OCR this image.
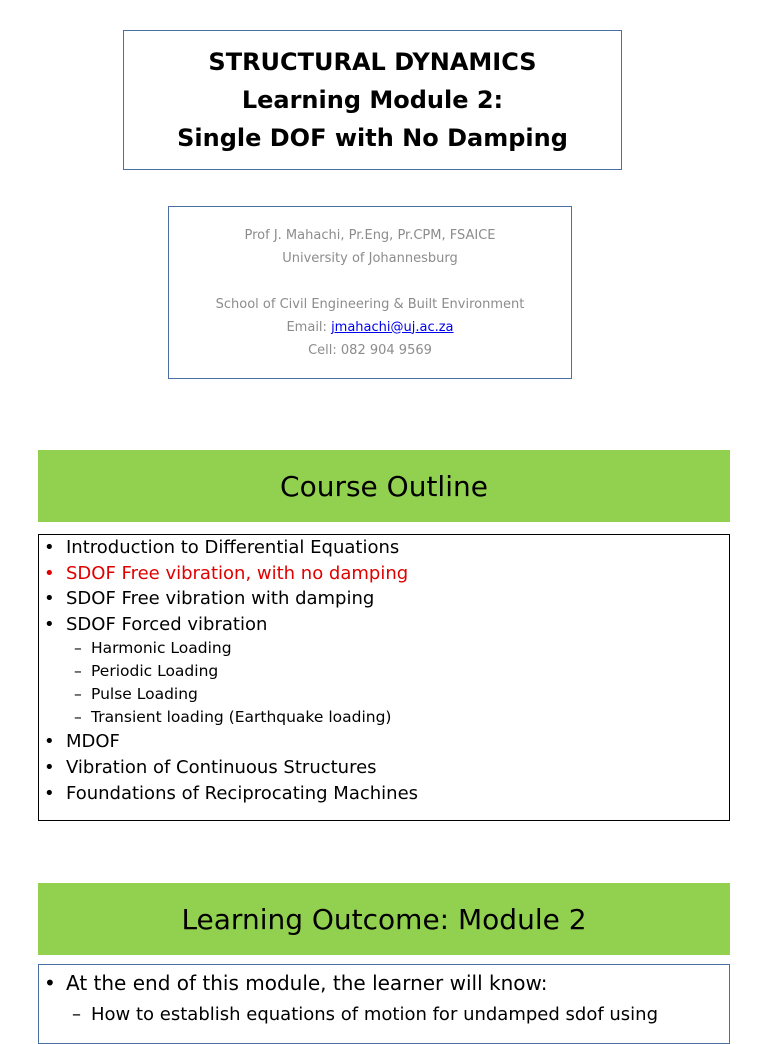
STRUCTURAL DYNAMICS
Learning Module 2:
Single DOF with No Damping
Prof J. Mahachi, Pr.Eng, Pr.CPM, FSAICE
University of Johannesburg
School of Civil Engineering & Built Environment
Email: jmahachi@uj.ac.za
Cell: 082 904 9569
Course Outline
• Introduction to Differential Equations
• SDOF Free vibration, with no damping
• SDOF Free vibration with damping
• SDOF Forced vibration
– Harmonic Loading
– Periodic Loading
– Pulse Loading
– Transient loading (Earthquake loading)
• MDOF
• Vibration of Continuous Structures
• Foundations of Reciprocating Machines
Learning Outcome: Module 2
• At the end of this module, the learner will know:
– How to establish equations of motion for undamped sdof using
